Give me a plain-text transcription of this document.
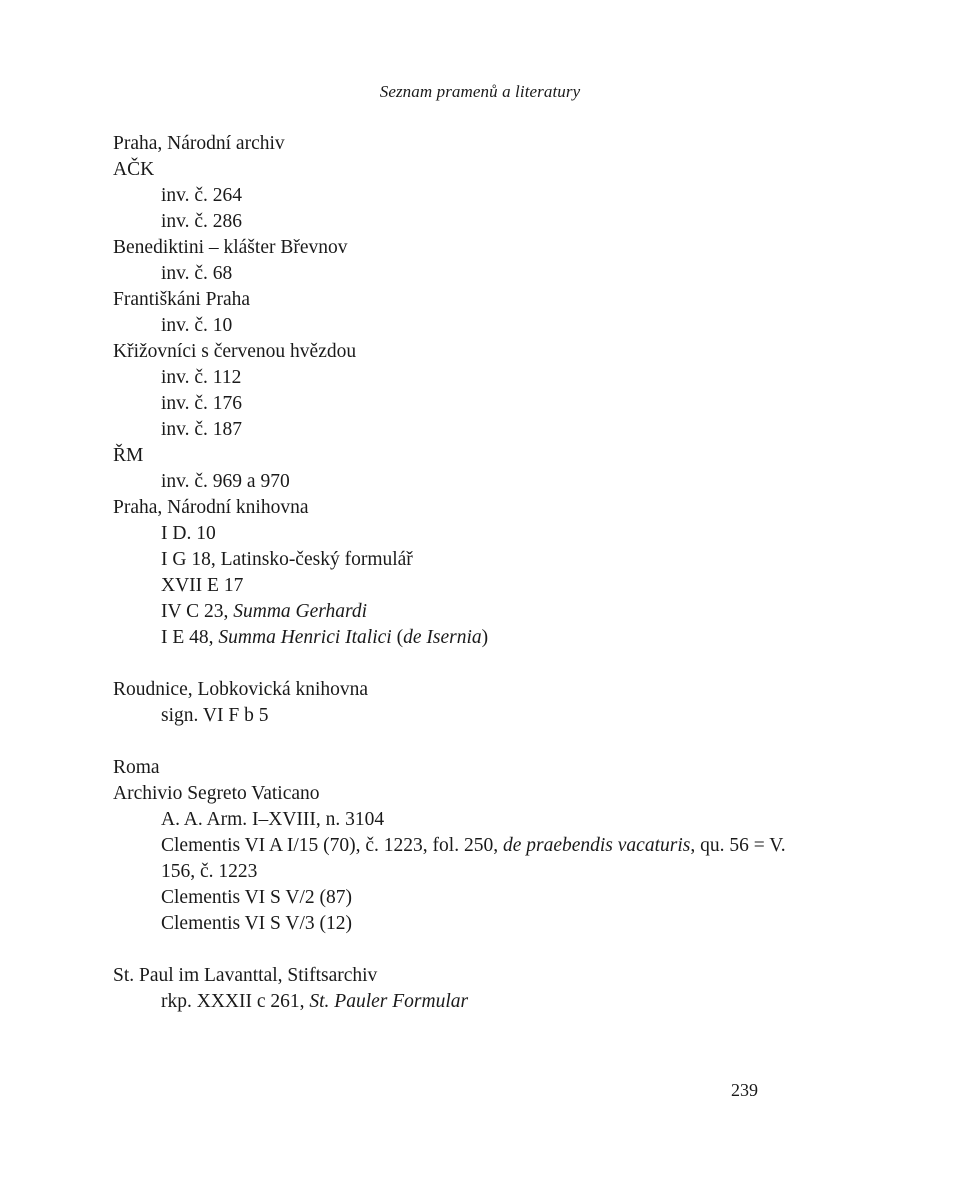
Seznam pramenů a literatury
Praha, Národní archiv
AČK
inv. č. 264
inv. č. 286
Benediktini – klášter Břevnov
inv. č. 68
Františkáni Praha
inv. č. 10
Křižovníci s červenou hvězdou
inv. č. 112
inv. č. 176
inv. č. 187
ŘM
inv. č. 969 a 970
Praha, Národní knihovna
I D. 10
I G 18, Latinsko-český formulář
XVII E 17
IV C 23, Summa Gerhardi
I E 48, Summa Henrici Italici (de Isernia)
Roudnice, Lobkovická knihovna
sign. VI F b 5
Roma
Archivio Segreto Vaticano
A. A. Arm. I–XVIII, n. 3104
Clementis VI A I/15 (70), č. 1223, fol. 250, de praebendis vacaturis, qu. 56 = V. 156, č. 1223
Clementis VI S V/2 (87)
Clementis VI S V/3 (12)
St. Paul im Lavanttal, Stiftsarchiv
rkp. XXXII c 261, St. Pauler Formular
239
